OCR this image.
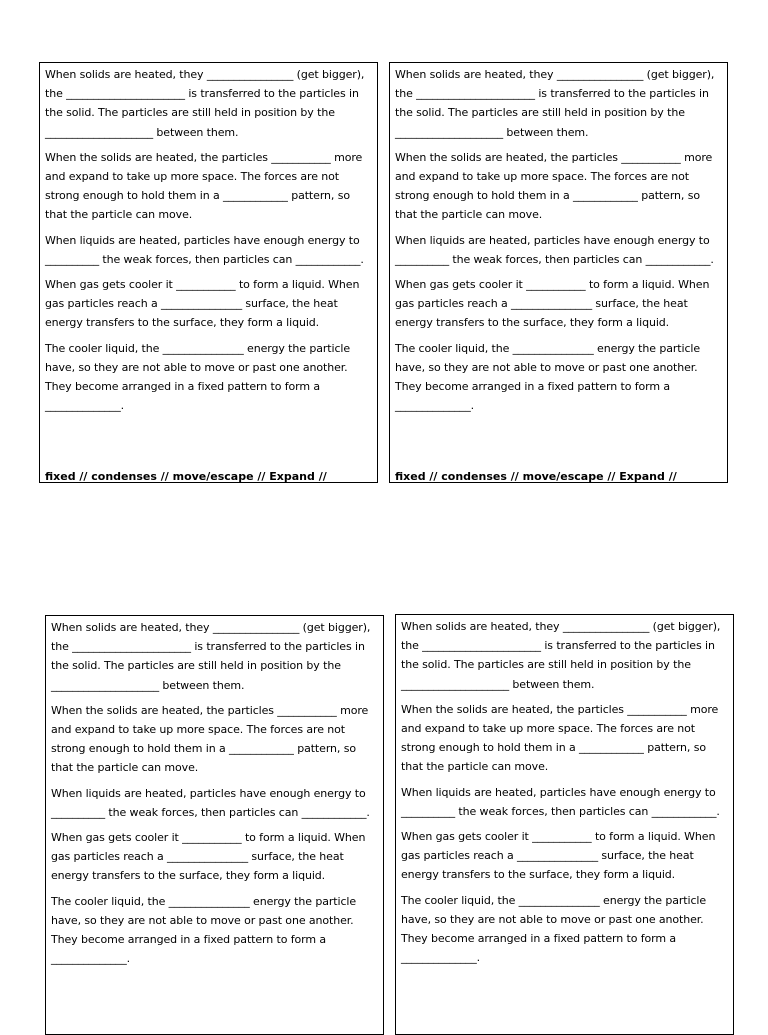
When solids are heated, they ________________ (get bigger), the ______________________ is transferred to the particles in the solid. The particles are still held in position by the ____________________ between them.

When the solids are heated, the particles ___________ more and expand to take up more space. The forces are not strong enough to hold them in a ____________ pattern, so that the particle can move.

When liquids are heated, particles have enough energy to __________ the weak forces, then particles can ____________.

When gas gets cooler it ___________ to form a liquid. When gas particles reach a _______________ surface, the heat energy transfers to the surface, they form a liquid.

The cooler liquid, the _______________ energy the particle have, so they are not able to move or past one another. They become arranged in a fixed pattern to form a ______________.

fixed // condenses // move/escape // Expand //

When solids are heated, they ________________ (get bigger), the ______________________ is transferred to the particles in the solid. The particles are still held in position by the ____________________ between them.

When the solids are heated, the particles ___________ more and expand to take up more space. The forces are not strong enough to hold them in a ____________ pattern, so that the particle can move.

When liquids are heated, particles have enough energy to __________ the weak forces, then particles can ____________.

When gas gets cooler it ___________ to form a liquid. When gas particles reach a _______________ surface, the heat energy transfers to the surface, they form a liquid.

The cooler liquid, the _______________ energy the particle have, so they are not able to move or past one another. They become arranged in a fixed pattern to form a ______________.

fixed // condenses // move/escape // Expand //

When solids are heated, they ________________ (get bigger), the ______________________ is transferred to the particles in the solid. The particles are still held in position by the ____________________ between them.

When the solids are heated, the particles ___________ more and expand to take up more space. The forces are not strong enough to hold them in a ____________ pattern, so that the particle can move.

When liquids are heated, particles have enough energy to __________ the weak forces, then particles can ____________.

When gas gets cooler it ___________ to form a liquid. When gas particles reach a _______________ surface, the heat energy transfers to the surface, they form a liquid.

The cooler liquid, the _______________ energy the particle have, so they are not able to move or past one another. They become arranged in a fixed pattern to form a ______________.

When solids are heated, they ________________ (get bigger), the ______________________ is transferred to the particles in the solid. The particles are still held in position by the ____________________ between them.

When the solids are heated, the particles ___________ more and expand to take up more space. The forces are not strong enough to hold them in a ____________ pattern, so that the particle can move.

When liquids are heated, particles have enough energy to __________ the weak forces, then particles can ____________.

When gas gets cooler it ___________ to form a liquid. When gas particles reach a _______________ surface, the heat energy transfers to the surface, they form a liquid.

The cooler liquid, the _______________ energy the particle have, so they are not able to move or past one another. They become arranged in a fixed pattern to form a ______________.
